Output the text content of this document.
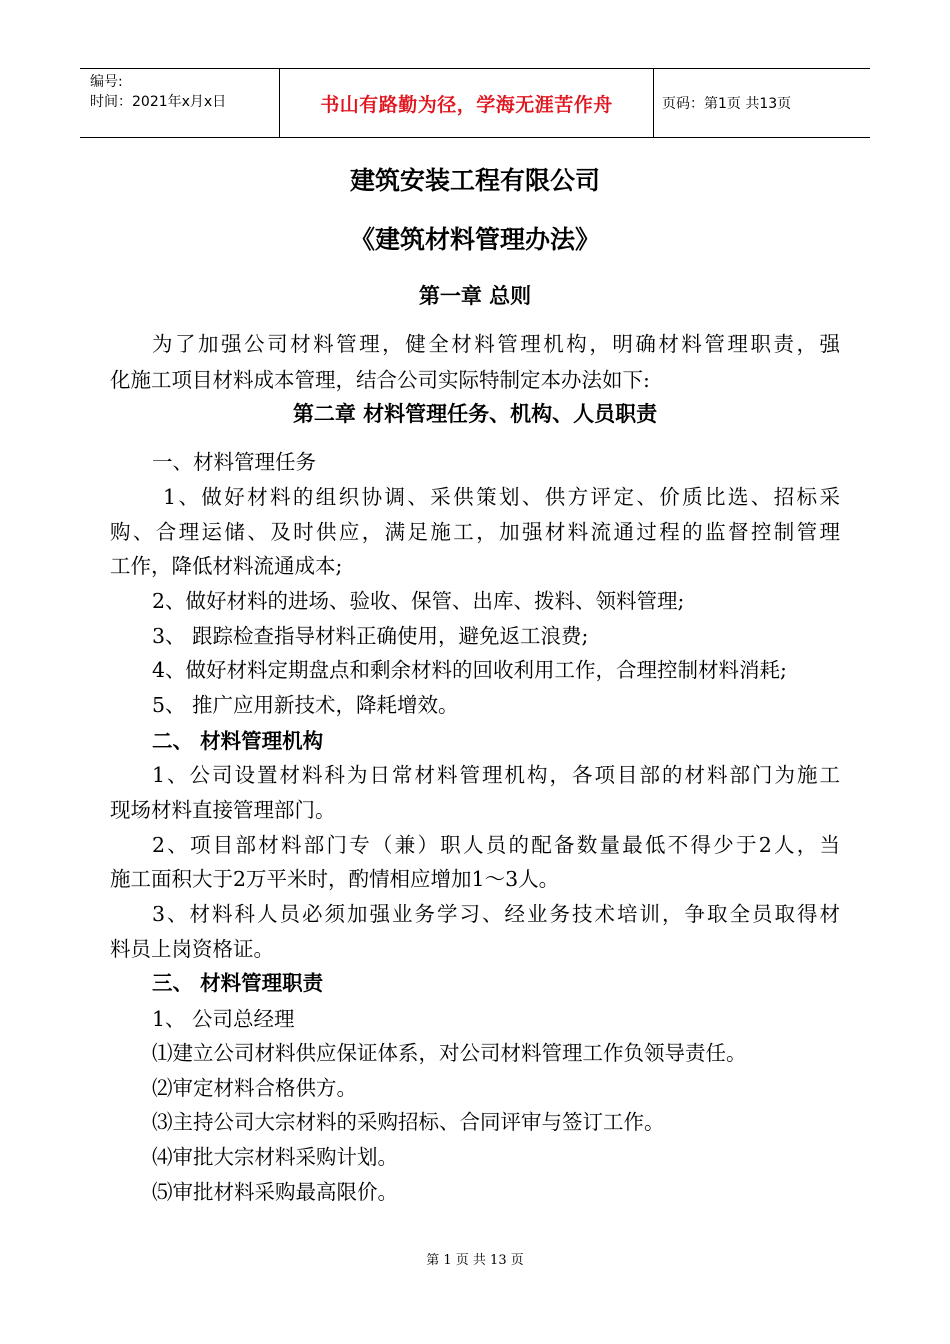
编号:
时间：2021年x月x日	书山有路勤为径，学海无涯苦作舟	页码：第1页 共13页
建筑安装工程有限公司
《建筑材料管理办法》
第一章 总则
为了加强公司材料管理，健全材料管理机构，明确材料管理职责，强
化施工项目材料成本管理，结合公司实际特制定本办法如下:
第二章 材料管理任务、机构、人员职责
一、材料管理任务
1、做好材料的组织协调、采供策划、供方评定、价质比选、招标采
购、合理运储、及时供应，满足施工，加强材料流通过程的监督控制管理
工作，降低材料流通成本;
2、做好材料的进场、验收、保管、出库、拨料、领料管理;
3、 跟踪检查指导材料正确使用，避免返工浪费;
4、做好材料定期盘点和剩余材料的回收利用工作，合理控制材料消耗;
5、 推广应用新技术，降耗增效。
二、 材料管理机构
1、公司设置材料科为日常材料管理机构，各项目部的材料部门为施工
现场材料直接管理部门。
2、项目部材料部门专（兼）职人员的配备数量最低不得少于2人，当
施工面积大于2万平米时，酌情相应增加1～3人。
3、材料科人员必须加强业务学习、经业务技术培训，争取全员取得材
料员上岗资格证。
三、 材料管理职责
1、 公司总经理
⑴建立公司材料供应保证体系，对公司材料管理工作负领导责任。
⑵审定材料合格供方。
⑶主持公司大宗材料的采购招标、合同评审与签订工作。
⑷审批大宗材料采购计划。
⑸审批材料采购最高限价。
第 1 页 共 13 页
